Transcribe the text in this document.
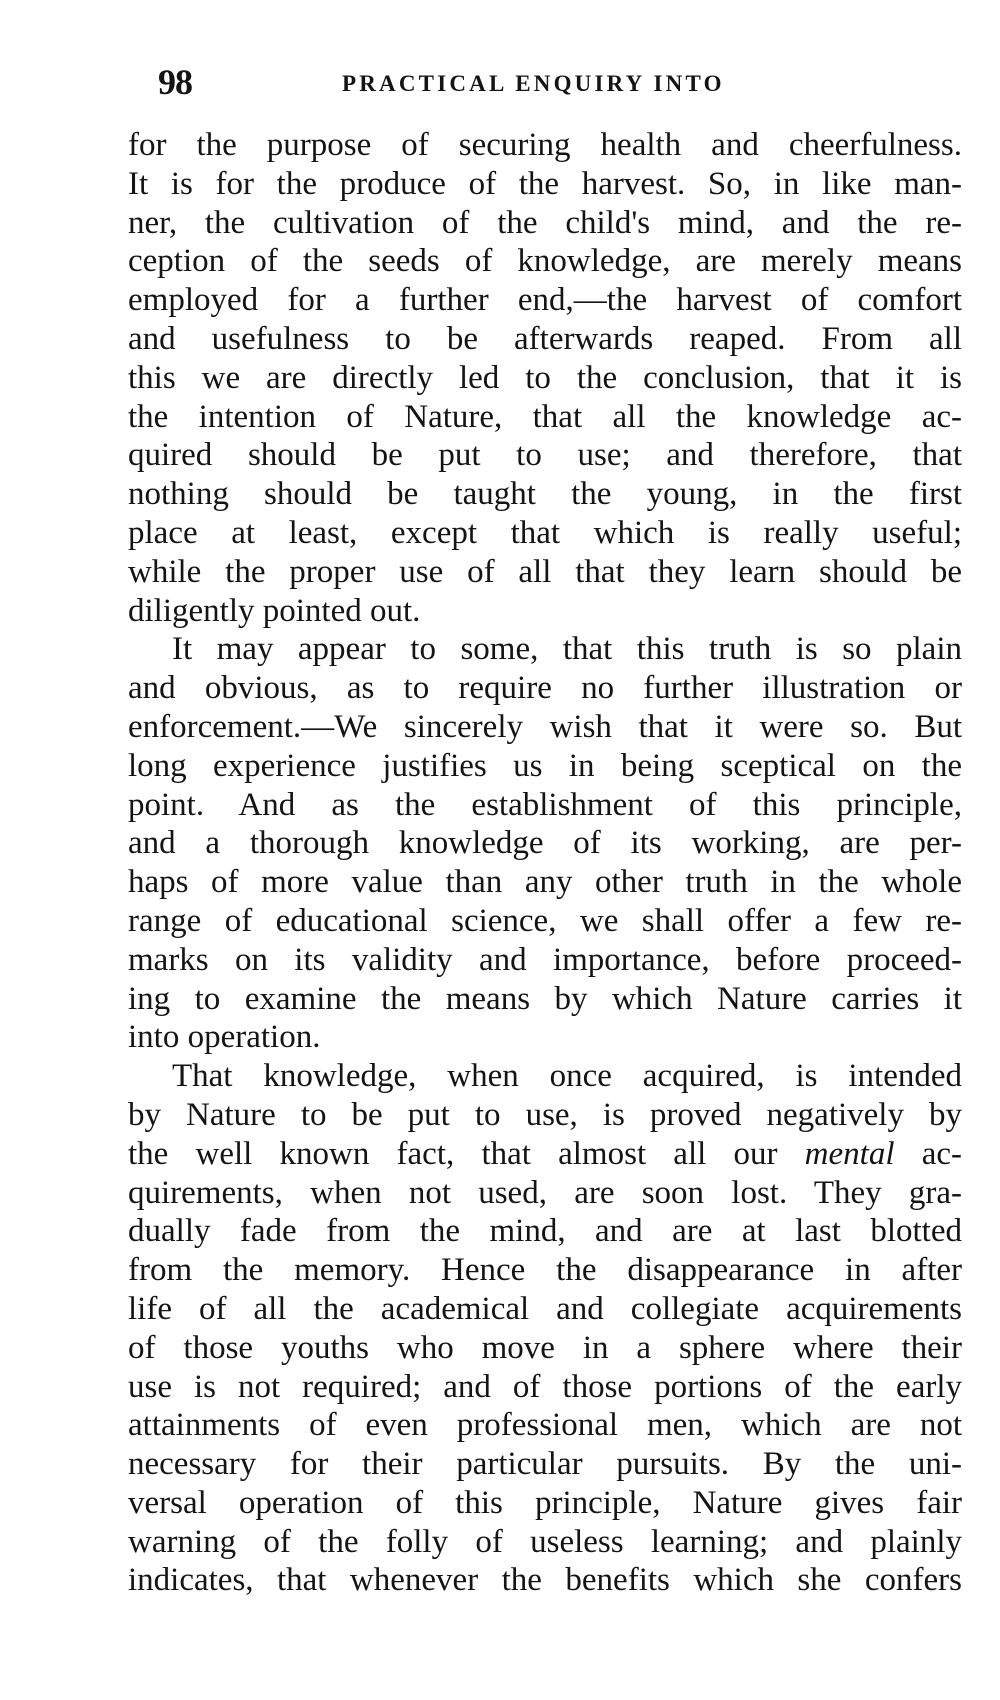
98	PRACTICAL ENQUIRY INTO
for the purpose of securing health and cheerfulness.
It is for the produce of the harvest. So, in like man-
ner, the cultivation of the child's mind, and the re-
ception of the seeds of knowledge, are merely means
employed for a further end,—the harvest of comfort
and usefulness to be afterwards reaped. From all
this we are directly led to the conclusion, that it is
the intention of Nature, that all the knowledge ac-
quired should be put to use; and therefore, that
nothing should be taught the young, in the first
place at least, except that which is really useful;
while the proper use of all that they learn should be
diligently pointed out.
It may appear to some, that this truth is so plain
and obvious, as to require no further illustration or
enforcement.—We sincerely wish that it were so. But
long experience justifies us in being sceptical on the
point. And as the establishment of this principle,
and a thorough knowledge of its working, are per-
haps of more value than any other truth in the whole
range of educational science, we shall offer a few re-
marks on its validity and importance, before proceed-
ing to examine the means by which Nature carries it
into operation.
That knowledge, when once acquired, is intended
by Nature to be put to use, is proved negatively by
the well known fact, that almost all our mental ac-
quirements, when not used, are soon lost. They gra-
dually fade from the mind, and are at last blotted
from the memory. Hence the disappearance in after
life of all the academical and collegiate acquirements
of those youths who move in a sphere where their
use is not required; and of those portions of the early
attainments of even professional men, which are not
necessary for their particular pursuits. By the uni-
versal operation of this principle, Nature gives fair
warning of the folly of useless learning; and plainly
indicates, that whenever the benefits which she confers
